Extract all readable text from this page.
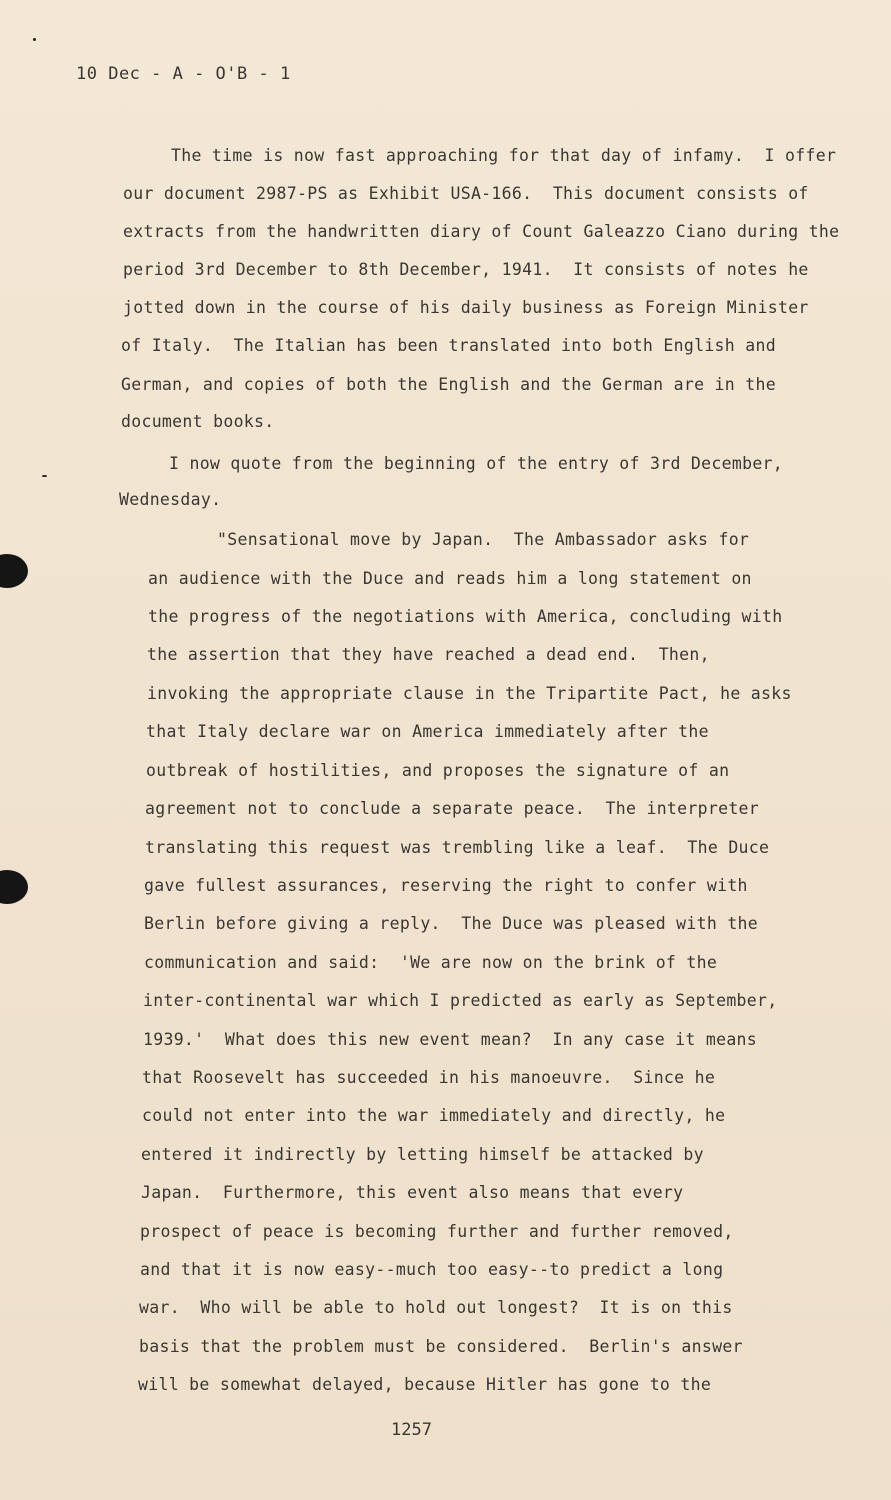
10 Dec - A - O'B - 1
The time is now fast approaching for that day of infamy.  I offer
our document 2987-PS as Exhibit USA-166.  This document consists of
extracts from the handwritten diary of Count Galeazzo Ciano during the
period 3rd December to 8th December, 1941.  It consists of notes he
jotted down in the course of his daily business as Foreign Minister
of Italy.  The Italian has been translated into both English and
German, and copies of both the English and the German are in the
document books.
I now quote from the beginning of the entry of 3rd December,
Wednesday.
"Sensational move by Japan.  The Ambassador asks for
an audience with the Duce and reads him a long statement on
the progress of the negotiations with America, concluding with
the assertion that they have reached a dead end.  Then,
invoking the appropriate clause in the Tripartite Pact, he asks
that Italy declare war on America immediately after the
outbreak of hostilities, and proposes the signature of an
agreement not to conclude a separate peace.  The interpreter
translating this request was trembling like a leaf.  The Duce
gave fullest assurances, reserving the right to confer with
Berlin before giving a reply.  The Duce was pleased with the
communication and said:  'We are now on the brink of the
inter-continental war which I predicted as early as September,
1939.'  What does this new event mean?  In any case it means
that Roosevelt has succeeded in his manoeuvre.  Since he
could not enter into the war immediately and directly, he
entered it indirectly by letting himself be attacked by
Japan.  Furthermore, this event also means that every
prospect of peace is becoming further and further removed,
and that it is now easy--much too easy--to predict a long
war.  Who will be able to hold out longest?  It is on this
basis that the problem must be considered.  Berlin's answer
will be somewhat delayed, because Hitler has gone to the
1257
